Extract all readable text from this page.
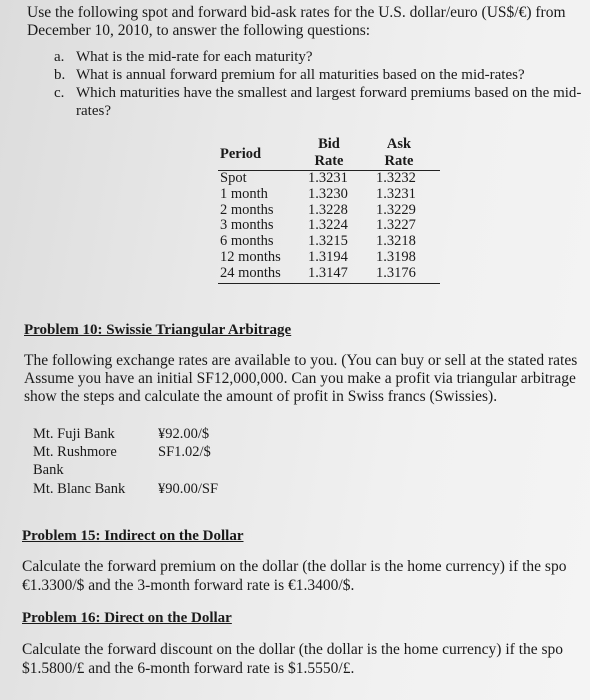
Use the following spot and forward bid-ask rates for the U.S. dollar/euro (US$/€) from
December 10, 2010, to answer the following questions:
a. What is the mid-rate for each maturity?
b. What is annual forward premium for all maturities based on the mid-rates?
c. Which maturities have the smallest and largest forward premiums based on the mid-
rates?
Period
Bid
Rate
Ask
Rate
Spot	1.3231 1.3232
1 month	1.3230 1.3231
2 months 1.3228 1.3229
3 months 1.3224 1.3227
6 months 1.3215 1.3218
12 months 1.3194 1.3198
24 months 1.3147 1.3176
Problem 10: Swissie Triangular Arbitrage
The following exchange rates are available to you. (You can buy or sell at the stated rates
Assume you have an initial SF12,000,000. Can you make a profit via triangular arbitrage
show the steps and calculate the amount of profit in Swiss francs (Swissies).
Mt. Fuji Bank	¥92.00/$
Mt. Rushmore	SF1.02/$
Bank
Mt. Blanc Bank ¥90.00/SF
Problem 15: Indirect on the Dollar
Calculate the forward premium on the dollar (the dollar is the home currency) if the spo
€1.3300/$ and the 3-month forward rate is €1.3400/$.
Problem 16: Direct on the Dollar
Calculate the forward discount on the dollar (the dollar is the home currency) if the spo
$1.5800/£ and the 6-month forward rate is $1.5550/£.
